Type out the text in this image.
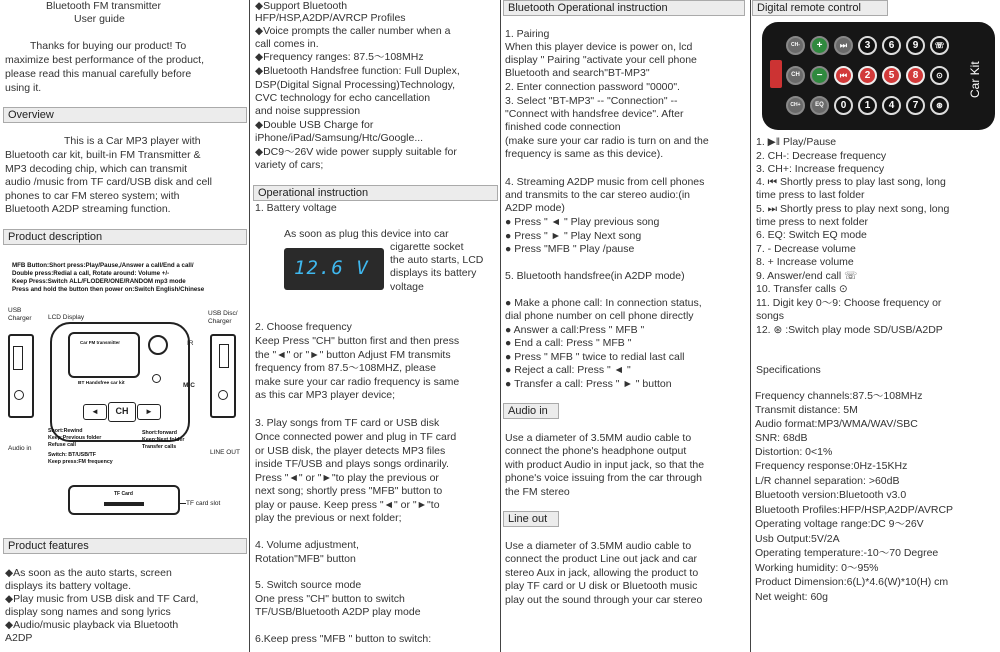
Bluetooth FM transmitter
User guide
Thanks for buying our product! To
maximize best performance of the product,
please read this manual carefully before
using it.
Overview
This is a Car MP3 player with
Bluetooth car kit, built-in FM Transmitter &
MP3 decoding chip, which can transmit
audio /music from TF card/USB disk and cell
phones to car FM stereo system; with
Bluetooth A2DP streaming function.
Product description
MFB Button:Short press:Play/Pause,/Answer a call/End a call/
Double press:Redial a call, Rotate around: Volume +/-
Keep Press:Switch ALL/FLODER/ONE/RANDOM mp3 mode
Press and hold the button then power on:Switch English/Chinese
USB
Charger	LCD Display
USB Disc/
Charger
Car FM transmitter
BT Handsfree car kit
IR
MIC
◄	CH	►
Short:Rewind
Keep:Previous folder
Refuse call
Short:forward
Keep:Next folder
Transfer calls
Switch: BT/USB/TF
Keep press:FM frequency
Audio in
LINE OUT
TF Card
TF card slot
Product features
◆As soon as the auto starts, screen
displays its battery voltage.
◆Play music from USB disk and TF Card,
display song names and song lyrics
◆Audio/music playback via Bluetooth
A2DP
◆Support Bluetooth
HFP/HSP,A2DP/AVRCP Profiles
◆Voice prompts the caller number when a
call comes in.
◆Frequency ranges: 87.5～108MHz
◆Bluetooth Handsfree function: Full Duplex,
DSP(Digital Signal Processing)Technology,
CVC technology for echo cancellation
and noise suppression
◆Double USB Charge for
iPhone/iPad/Samsung/Htc/Google...
◆DC9～26V wide power supply suitable for
variety of cars;
Operational instruction
1. Battery voltage
As soon as plug this device into car
12.6 V
cigarette socket
the auto starts, LCD
displays its battery
voltage
2. Choose frequency
Keep Press "CH" button first and then press
the "◄" or "►" button Adjust FM transmits
frequency from 87.5～108MHZ, please
make sure your car radio frequency is same
as this car MP3 player device;
3. Play songs from TF card or USB disk
Once connected power and plug in TF card
or USB disk, the player detects MP3 files
inside TF/USB and plays songs ordinarily.
Press "◄" or "►"to play the previous or
next song; shortly press "MFB" button to
play or pause. Keep press "◄" or "►"to
play the previous or next folder;
4. Volume adjustment,
Rotation"MFB" button
5. Switch source mode
One press "CH" button to switch
TF/USB/Bluetooth A2DP play mode
6.Keep press "MFB " button to switch:
Bluetooth Operational instruction
1. Pairing
When this player device is power on, lcd
display " Pairing "activate your cell phone
Bluetooth and search"BT-MP3"
2. Enter connection password "0000".
3. Select "BT-MP3" -- "Connection" --
"Connect with handsfree device". After
finished code connection
(make sure your car radio is turn on and the
frequency is same as this device).
4. Streaming A2DP music from cell phones
and transmits to the car stereo audio:(in
A2DP mode)
● Press " ◄ " Play previous song
● Press " ► " Play Next song
● Press "MFB " Play /pause
5. Bluetooth handsfree(in A2DP mode)
● Make a phone call: In connection status,
dial phone number on cell phone directly
● Answer a call:Press " MFB "
● End a call: Press " MFB "
● Press " MFB " twice to redial last call
● Reject a call: Press " ◄ "
● Transfer a call: Press " ► " button
Audio in
Use a diameter of 3.5MM audio cable to
connect the phone's headphone output
with product Audio in input jack, so that the
phone's voice issuing from the car through
the FM stereo
Line out
Use a diameter of 3.5MM audio cable to
connect the product Line out jack and car
stereo Aux in jack, allowing the product to
play TF card or U disk or Bluetooth music
play out the sound through your car stereo
Digital remote control
CH-	+	⏭	3	6	9
CH	−	⏮	2	5	8
CH+	EQ	0	1	4	7
☏
⊙
⊛
Car Kit
1. ▶‖ Play/Pause
2. CH-: Decrease frequency
3. CH+: Increase frequency
4. ⏮ Shortly press to play last song, long
time press to last folder
5. ⏭ Shortly press to play next song, long
time press to next folder
6. EQ: Switch EQ mode
7. - Decrease volume
8. + Increase volume
9. Answer/end call ☏
10. Transfer calls ⊙
11. Digit key 0～9: Choose frequency or
songs
12. ⊛ :Switch play mode SD/USB/A2DP
Specifications
Frequency channels:87.5～108MHz
Transmit distance: 5M
Audio format:MP3/WMA/WAV/SBC
SNR: 68dB
Distortion: 0<1%
Frequency response:0Hz-15KHz
L/R channel separation: >60dB
Bluetooth version:Bluetooth v3.0
Bluetooth Profiles:HFP/HSP,A2DP/AVRCP
Operating voltage range:DC 9～26V
Usb Output:5V/2A
Operating temperature:-10～70 Degree
Working humidity: 0～95%
Product Dimension:6(L)*4.6(W)*10(H) cm
Net weight: 60g
